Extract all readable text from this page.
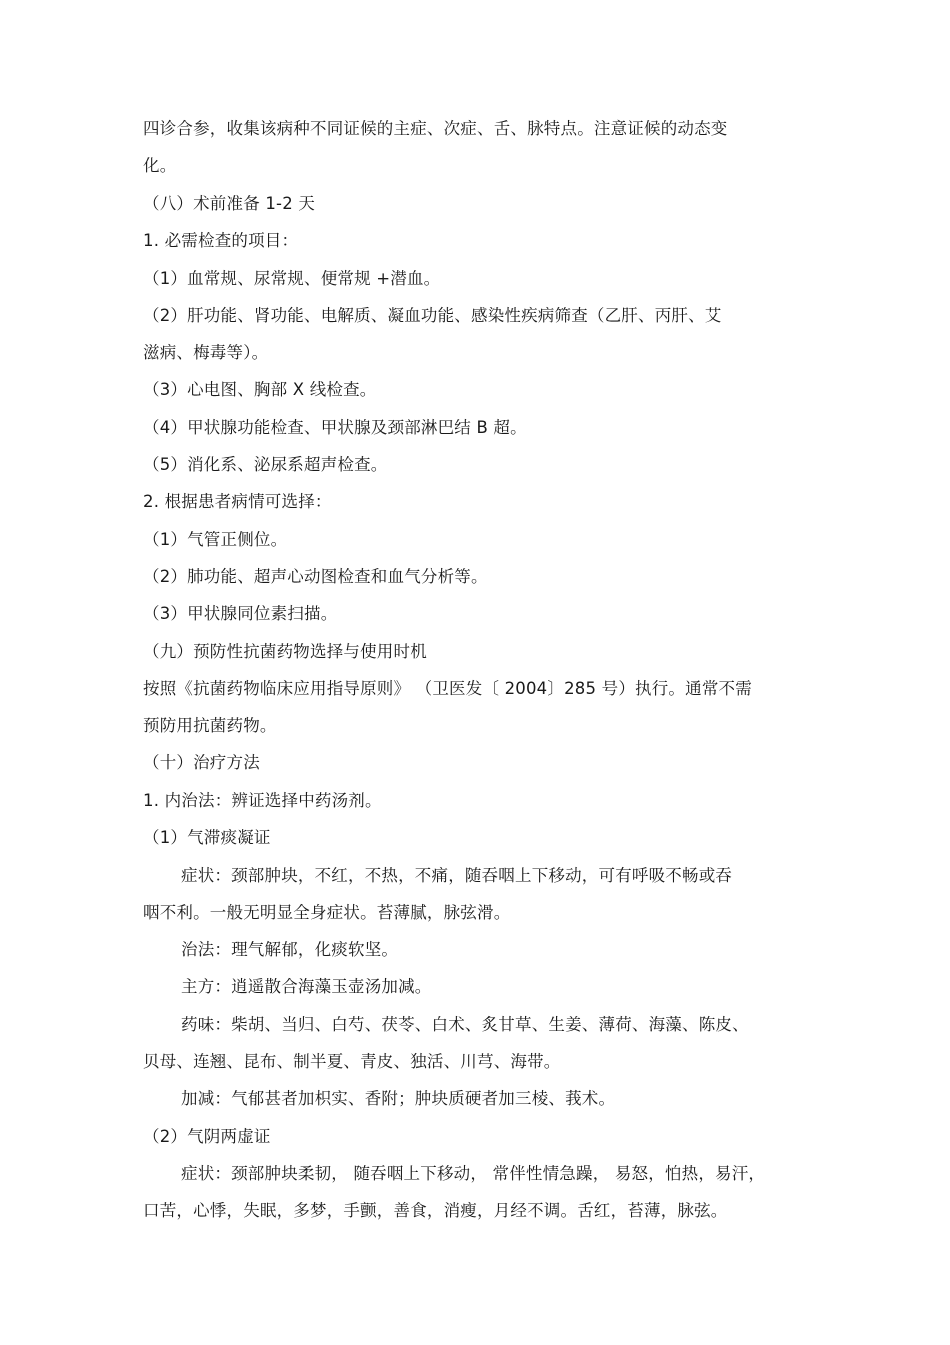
四诊合参，收集该病种不同证候的主症、次症、舌、脉特点。注意证候的动态变
化。
（八）术前准备 1-2 天
1. 必需检查的项目：
（1）血常规、尿常规、便常规 +潜血。
（2）肝功能、肾功能、电解质、凝血功能、感染性疾病筛查（乙肝、丙肝、艾
滋病、梅毒等）。
（3）心电图、胸部 X 线检查。
（4）甲状腺功能检查、甲状腺及颈部淋巴结 B 超。
（5）消化系、泌尿系超声检查。
2. 根据患者病情可选择：
（1）气管正侧位。
（2）肺功能、超声心动图检查和血气分析等。
（3）甲状腺同位素扫描。
（九）预防性抗菌药物选择与使用时机
按照《抗菌药物临床应用指导原则》 （卫医发〔 2004〕285 号）执行。通常不需
预防用抗菌药物。
（十）治疗方法
1. 内治法：辨证选择中药汤剂。
（1）气滞痰凝证
症状：颈部肿块，不红，不热，不痛，随吞咽上下移动，可有呼吸不畅或吞
咽不利。一般无明显全身症状。苔薄腻，脉弦滑。
治法：理气解郁，化痰软坚。
主方：逍遥散合海藻玉壶汤加减。
药味：柴胡、当归、白芍、茯苓、白术、炙甘草、生姜、薄荷、海藻、陈皮、
贝母、连翘、昆布、制半夏、青皮、独活、川芎、海带。
加减：气郁甚者加枳实、香附；肿块质硬者加三棱、莪术。
（2）气阴两虚证
症状：颈部肿块柔韧， 随吞咽上下移动， 常伴性情急躁， 易怒，怕热，易汗，
口苦，心悸，失眠，多梦，手颤，善食，消瘦，月经不调。舌红，苔薄，脉弦。
